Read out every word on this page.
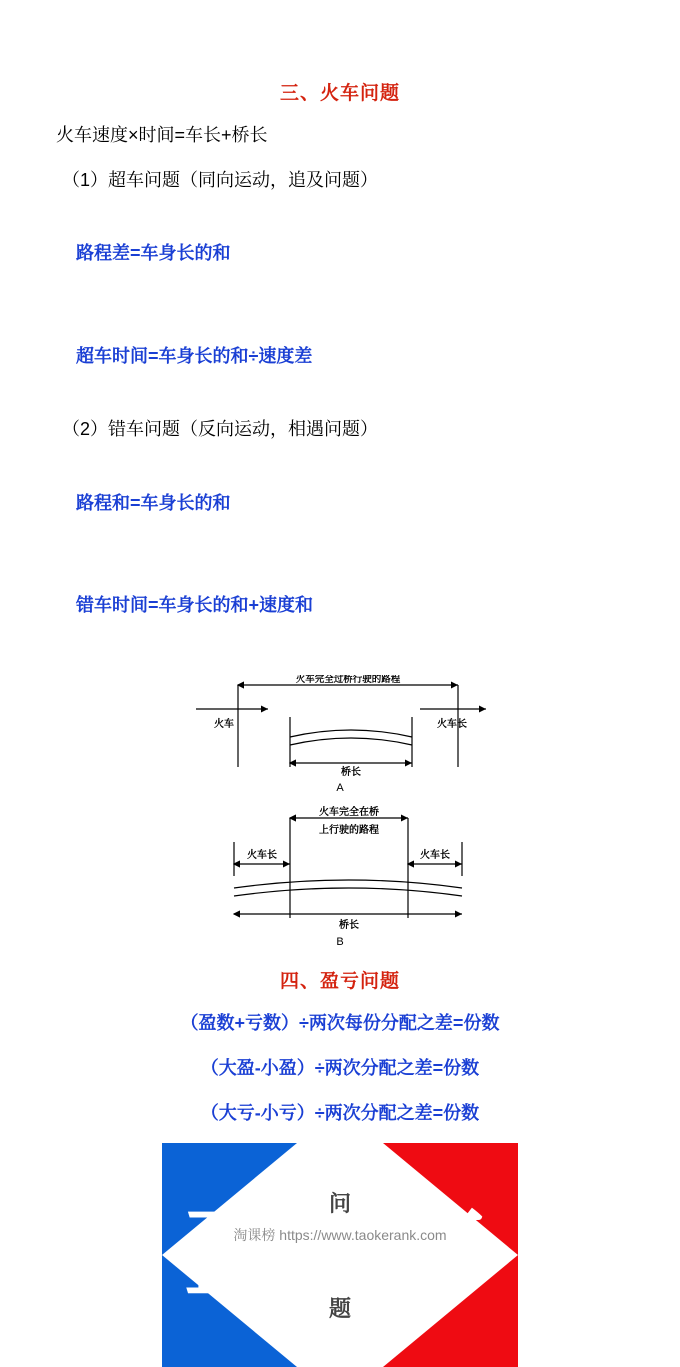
三、火车问题
火车速度×时间=车长+桥长
（1）超车问题（同向运动，追及问题）

路程差=车身长的和

超车时间=车身长的和÷速度差

（2）错车问题（反向运动，相遇问题）

路程和=车身长的和

错车时间=车身长的和+速度和

火车完全过桥行驶的路程
火车	火车长
桥长
A
火车完全在桥
上行驶的路程
火车长	火车长
桥长
B
四、盈亏问题
（盈数+亏数）÷两次每份分配之差=份数
（大盈-小盈）÷两次分配之差=份数
（大亏-小亏）÷两次分配之差=份数
盈 亏
问
题
淘课榜 https://www.taokerank.com
